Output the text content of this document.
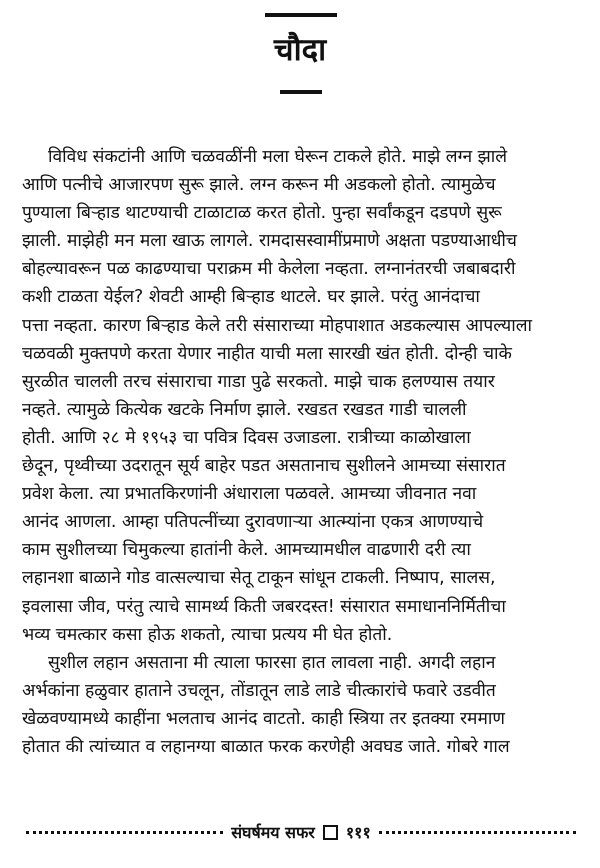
चौदा

विविध संकटांनी आणि चळवळींनी मला घेरून टाकले होते. माझे लग्न झाले

आणि पत्नीचे आजारपण सुरू झाले. लग्न करून मी अडकलो होतो. त्यामुळेच

पुण्याला बिऱ्हाड थाटण्याची टाळाटाळ करत होतो. पुन्हा सर्वांकडून दडपणे सुरू

झाली. माझेही मन मला खाऊ लागले. रामदासस्वामींप्रमाणे अक्षता पडण्याआधीच

बोहल्यावरून पळ काढण्याचा पराक्रम मी केलेला नव्हता. लग्नानंतरची जबाबदारी

कशी टाळता येईल? शेवटी आम्ही बिऱ्हाड थाटले. घर झाले. परंतु आनंदाचा

पत्ता नव्हता. कारण बिऱ्हाड केले तरी संसाराच्या मोहपाशात अडकल्यास आपल्याला

चळवळी मुक्तपणे करता येणार नाहीत याची मला सारखी खंत होती. दोन्ही चाके

सुरळीत चालली तरच संसाराचा गाडा पुढे सरकतो. माझे चाक हलण्यास तयार

नव्हते. त्यामुळे कित्येक खटके निर्माण झाले. रखडत रखडत गाडी चालली

होती. आणि २८ मे १९५३ चा पवित्र दिवस उजाडला. रात्रीच्या काळोखाला

छेदून, पृथ्वीच्या उदरातून सूर्य बाहेर पडत असतानाच सुशीलने आमच्या संसारात

प्रवेश केला. त्या प्रभातकिरणांनी अंधाराला पळवले. आमच्या जीवनात नवा

आनंद आणला. आम्हा पतिपत्नींच्या दुरावणाऱ्या आत्म्यांना एकत्र आणण्याचे

काम सुशीलच्या चिमुकल्या हातांनी केले. आमच्यामधील वाढणारी दरी त्या

लहानशा बाळाने गोड वात्सल्याचा सेतू टाकून सांधून टाकली. निष्पाप, सालस,

इवलासा जीव, परंतु त्याचे सामर्थ्य किती जबरदस्त! संसारात समाधाननिर्मितीचा

भव्य चमत्कार कसा होऊ शकतो, त्याचा प्रत्यय मी घेत होतो.

सुशील लहान असताना मी त्याला फारसा हात लावला नाही. अगदी लहान

अर्भकांना हळुवार हाताने उचलून, तोंडातून लाडे लाडे चीत्कारांचे फवारे उडवीत

खेळवण्यामध्ये काहींना भलताच आनंद वाटतो. काही स्त्रिया तर इतक्या रममाण

होतात की त्यांच्यात व लहानग्या बाळात फरक करणेही अवघड जाते. गोबरे गाल

संघर्षमय सफर १११
